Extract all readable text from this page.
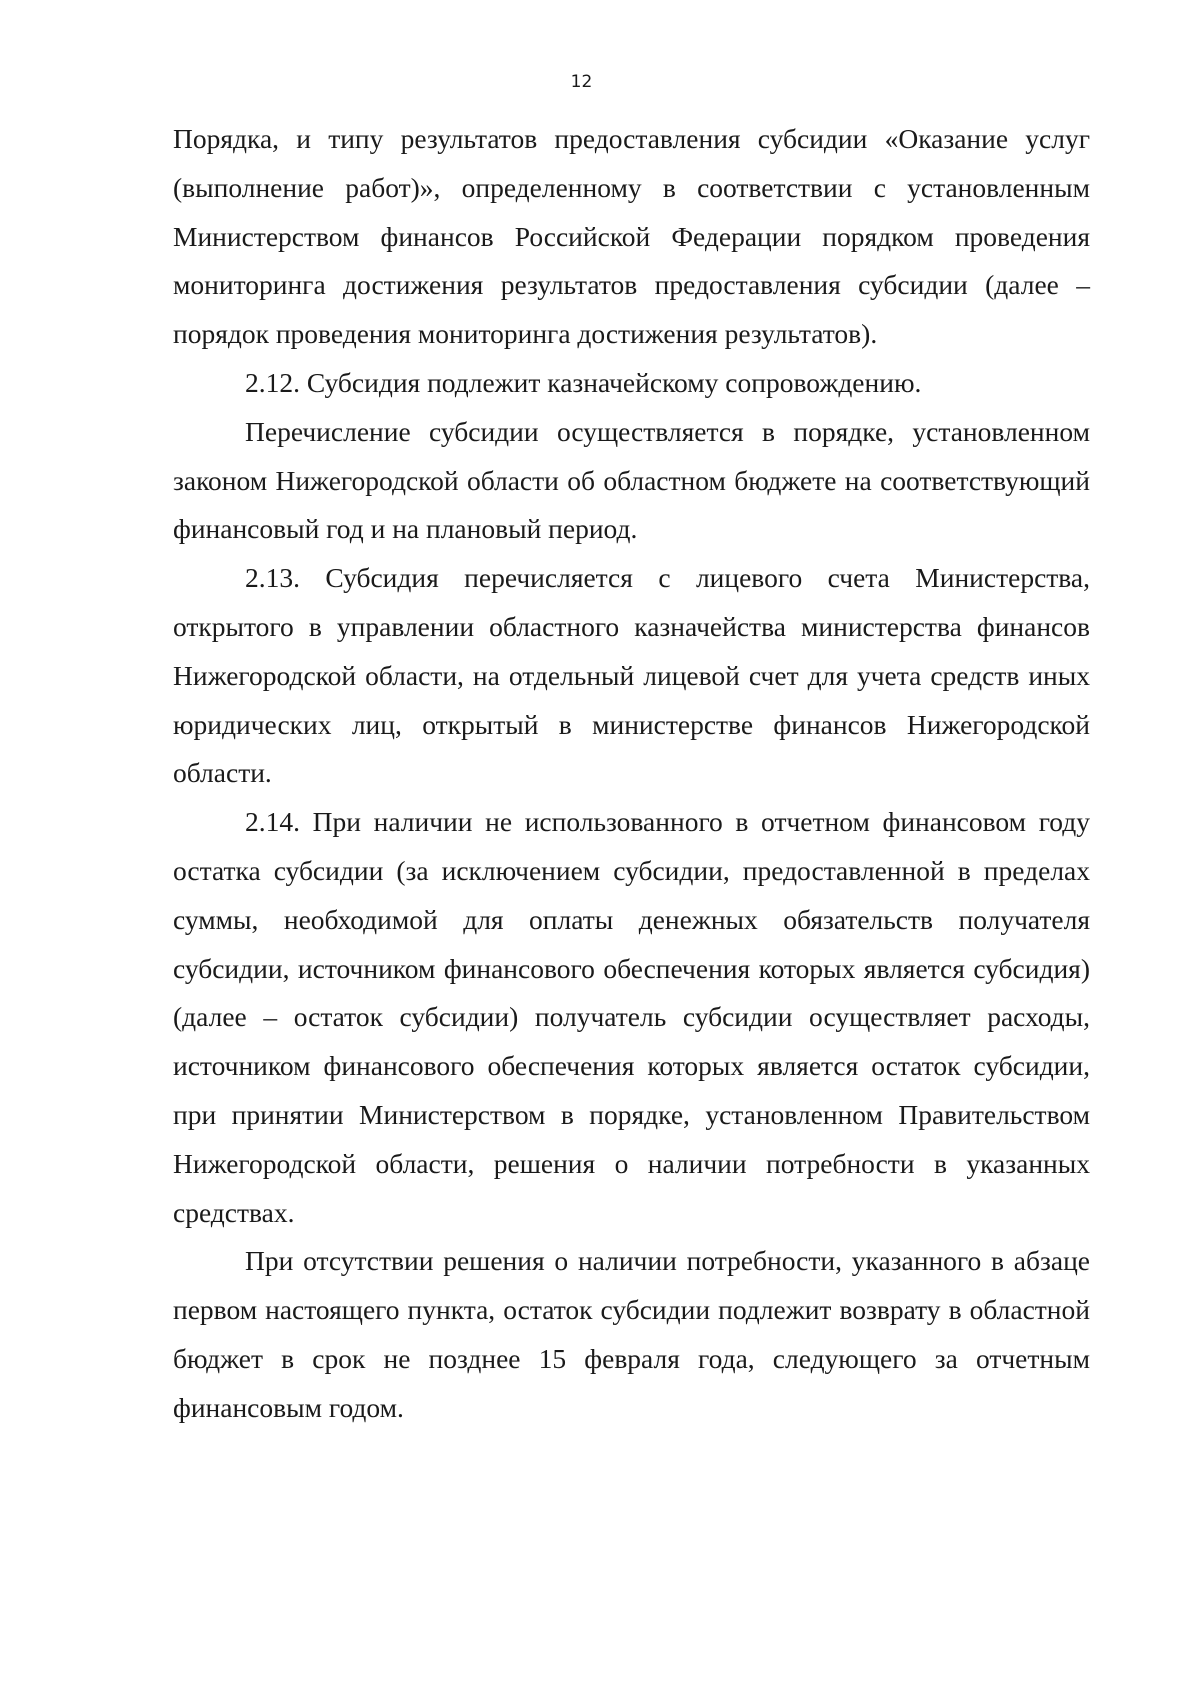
12

Порядка, и типу результатов предоставления субсидии «Оказание услуг (выполнение работ)», определенному в соответствии с установленным Министерством финансов Российской Федерации порядком проведения мониторинга достижения результатов предоставления субсидии (далее – порядок проведения мониторинга достижения результатов).

2.12. Субсидия подлежит казначейскому сопровождению.

Перечисление субсидии осуществляется в порядке, установленном законом Нижегородской области об областном бюджете на соответствующий финансовый год и на плановый период.

2.13. Субсидия перечисляется с лицевого счета Министерства, открытого в управлении областного казначейства министерства финансов Нижегородской области, на отдельный лицевой счет для учета средств иных юридических лиц, открытый в министерстве финансов Нижегородской области.

2.14. При наличии не использованного в отчетном финансовом году остатка субсидии (за исключением субсидии, предоставленной в пределах суммы, необходимой для оплаты денежных обязательств получателя субсидии, источником финансового обеспечения которых является субсидия) (далее – остаток субсидии) получатель субсидии осуществляет расходы, источником финансового обеспечения которых является остаток субсидии, при принятии Министерством в порядке, установленном Правительством Нижегородской области, решения о наличии потребности в указанных средствах.

При отсутствии решения о наличии потребности, указанного в абзаце первом настоящего пункта, остаток субсидии подлежит возврату в областной бюджет в срок не позднее 15 февраля года, следующего за отчетным финансовым годом.
